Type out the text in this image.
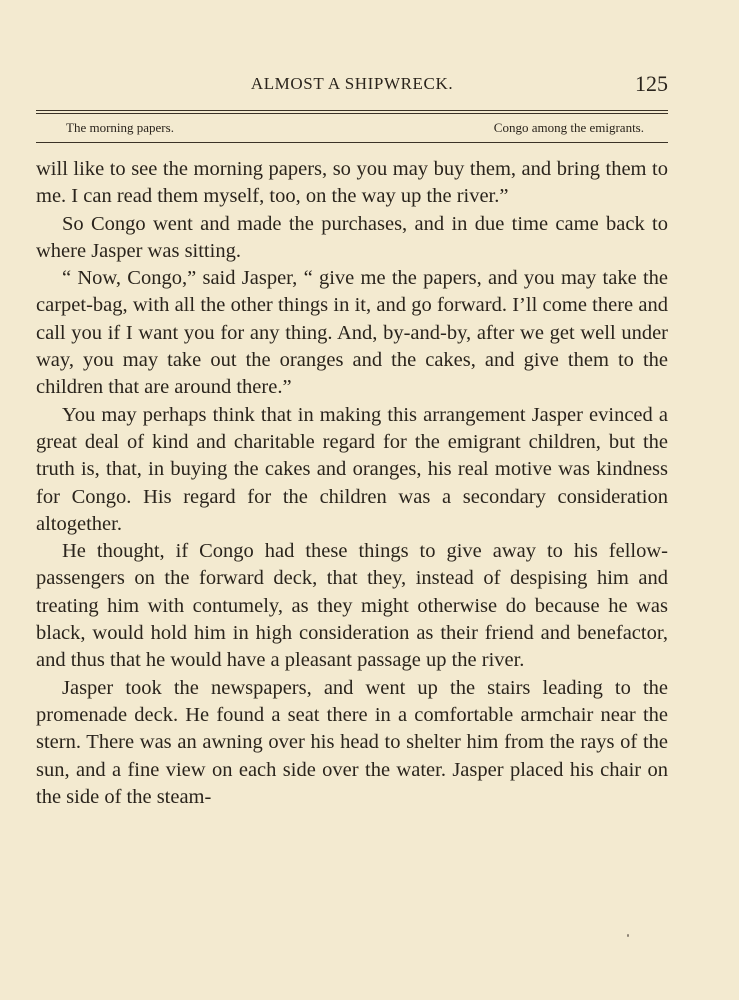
ALMOST A SHIPWRECK.	125
The morning papers.	Congo among the emigrants.

will like to see the morning papers, so you may buy them, and bring them to me. I can read them myself, too, on the way up the river.”

So Congo went and made the purchases, and in due time came back to where Jasper was sitting.

“ Now, Congo,” said Jasper, “ give me the papers, and you may take the carpet-bag, with all the other things in it, and go forward. I’ll come there and call you if I want you for any thing. And, by-and-by, after we get well under way, you may take out the oranges and the cakes, and give them to the children that are around there.”

You may perhaps think that in making this arrangement Jasper evinced a great deal of kind and charitable regard for the emigrant children, but the truth is, that, in buying the cakes and oranges, his real motive was kindness for Congo. His regard for the children was a secondary consideration altogether.

He thought, if Congo had these things to give away to his fellow-passengers on the forward deck, that they, instead of despising him and treating him with contumely, as they might otherwise do because he was black, would hold him in high consideration as their friend and benefactor, and thus that he would have a pleasant passage up the river.

Jasper took the newspapers, and went up the stairs leading to the promenade deck. He found a seat there in a comfortable armchair near the stern. There was an awning over his head to shelter him from the rays of the sun, and a fine view on each side over the water. Jasper placed his chair on the side of the steam-
